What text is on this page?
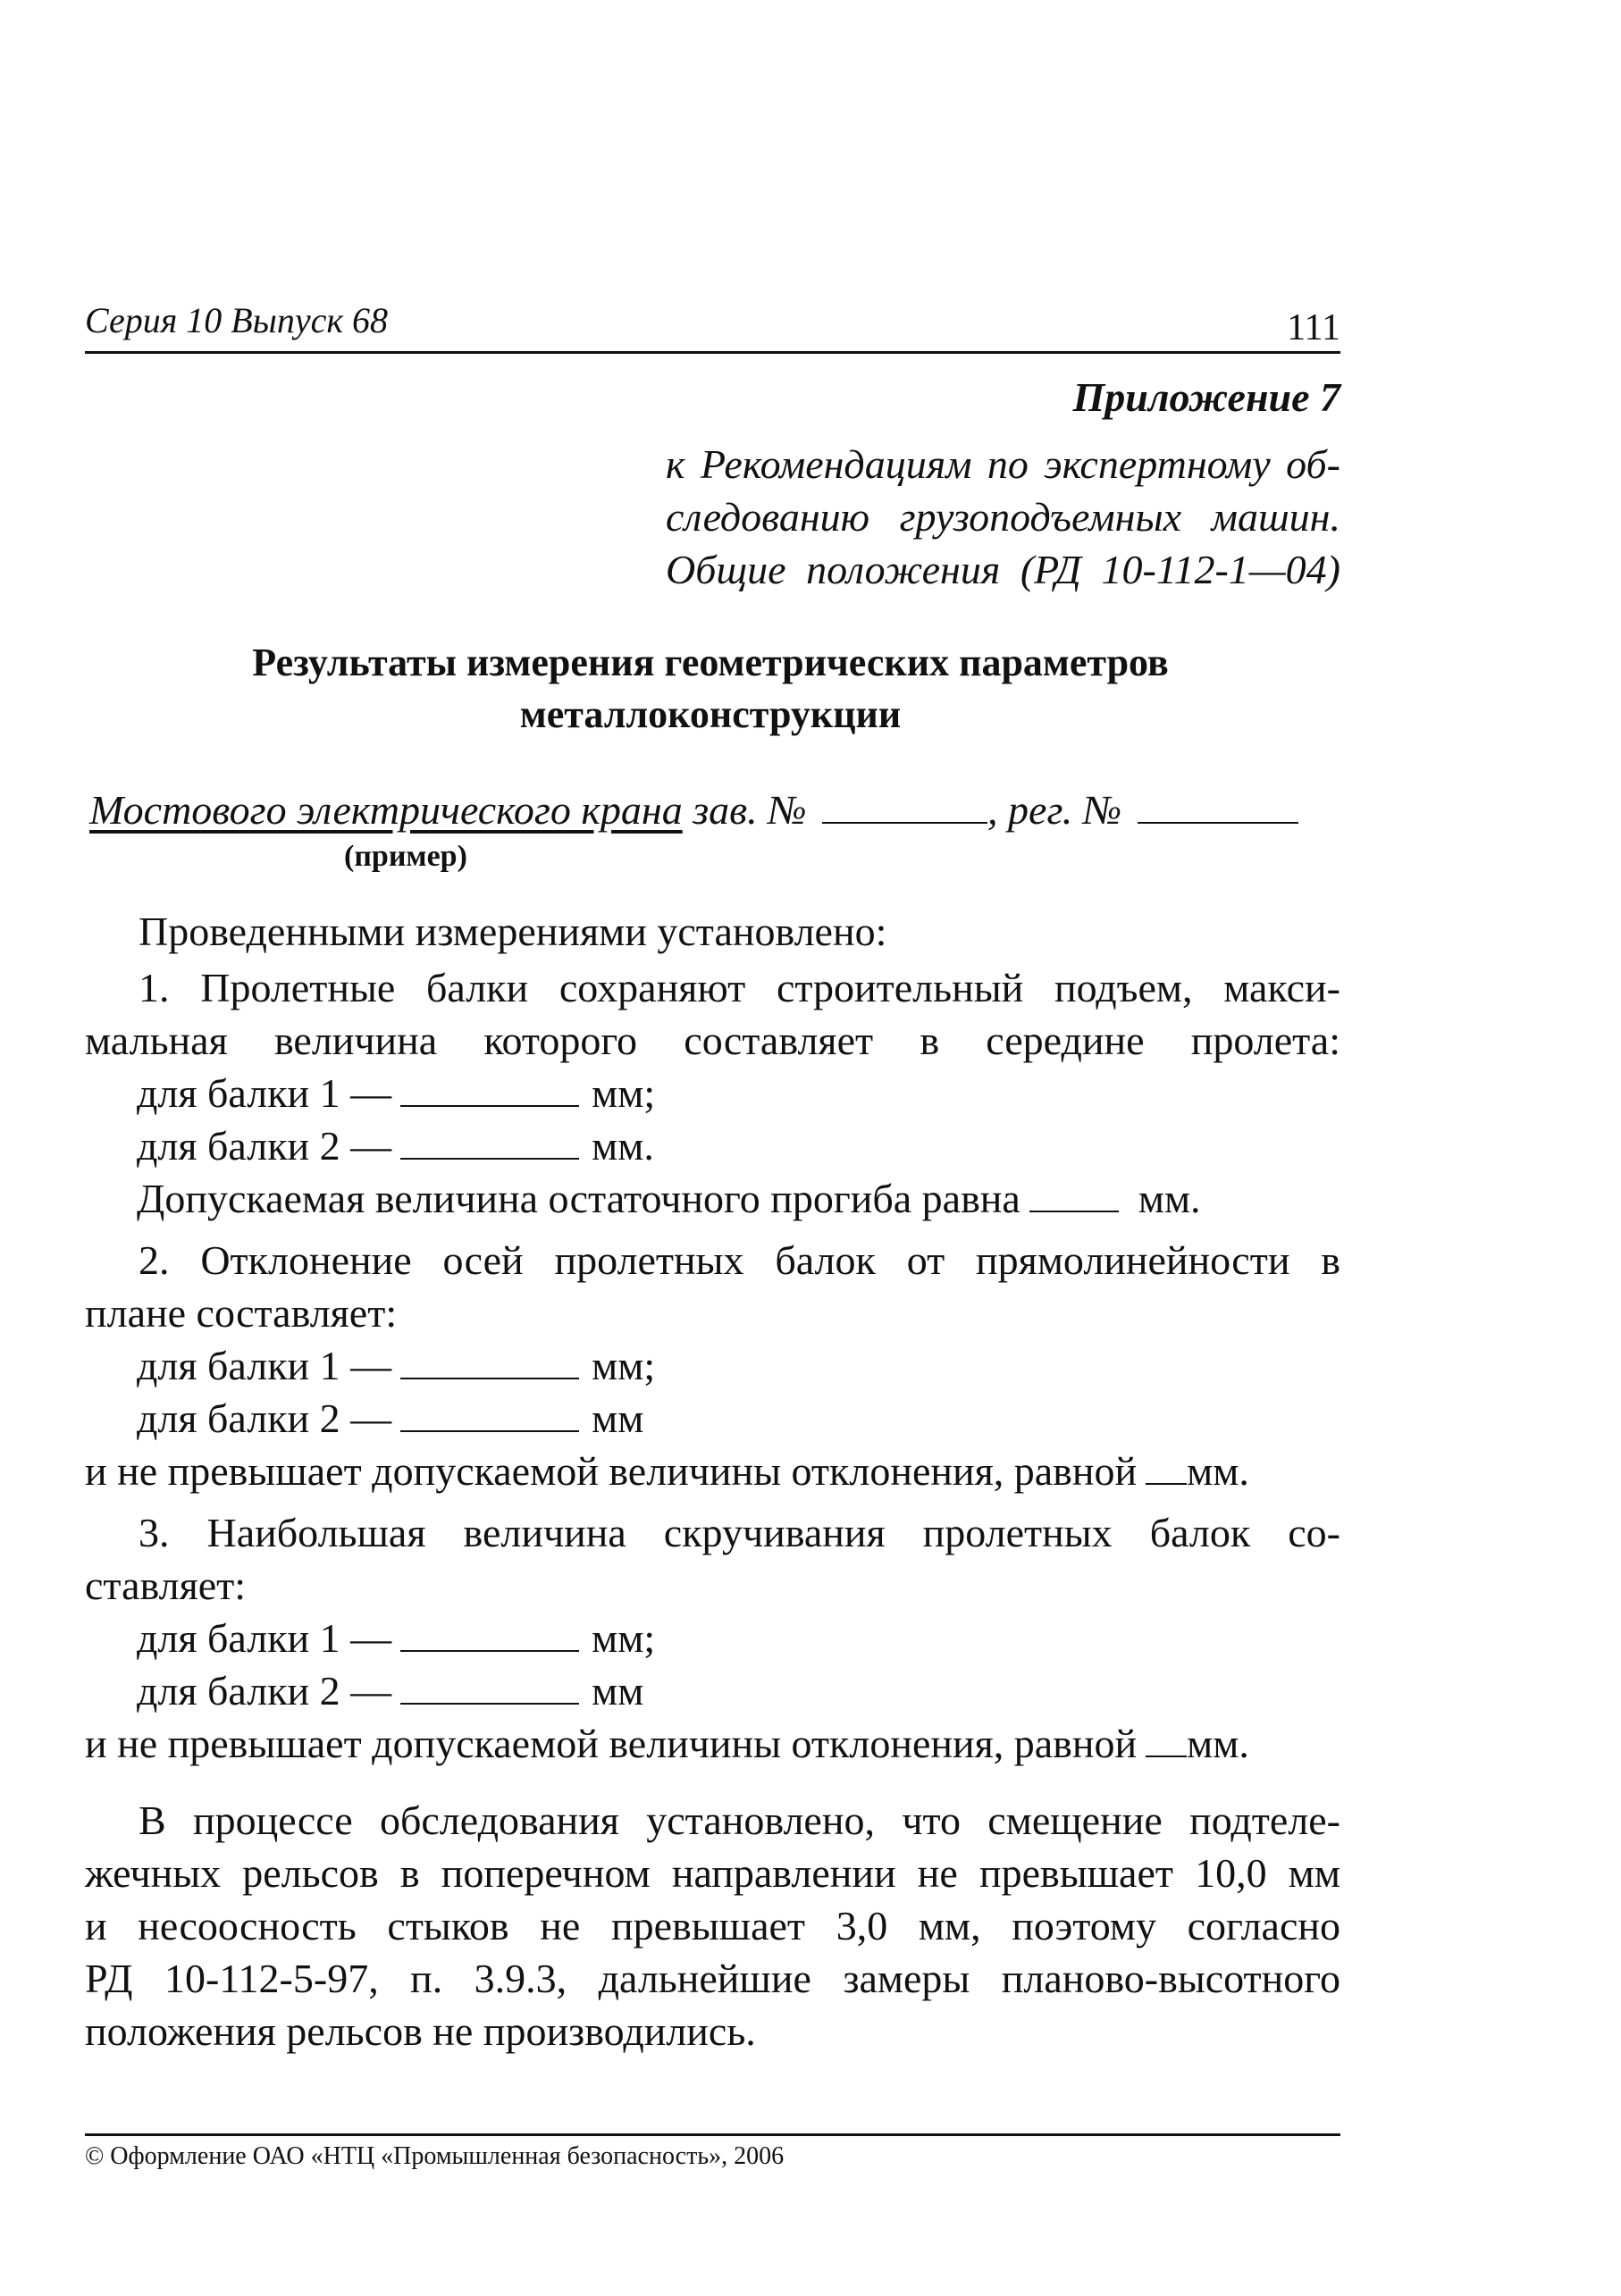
Серия 10 Выпуск 68	111
Приложение 7
к Рекомендациям по экспертному об-
следованию грузоподъемных машин.
Общие положения (РД 10-112-1—04)
Результаты измерения геометрических параметров
металлоконструкции
Мостового электрического крана зав. №	, рег. №
(пример)
Проведенными измерениями установлено:
1. Пролетные балки сохраняют строительный подъем, макси-
мальная величина которого составляет в середине пролета:
для балки 1 —	мм;
для балки 2 —	мм.
Допускаемая величина остаточного прогиба равна	мм.
2. Отклонение осей пролетных балок от прямолинейности в
плане составляет:
для балки 1 —	мм;
для балки 2 —	мм
и не превышает допускаемой величины отклонения, равной мм.
3. Наибольшая величина скручивания пролетных балок со-
ставляет:
для балки 1 —	мм;
для балки 2 —	мм
и не превышает допускаемой величины отклонения, равной мм.
В процессе обследования установлено, что смещение подтеле-
жечных рельсов в поперечном направлении не превышает 10,0 мм
и несоосность стыков не превышает 3,0 мм, поэтому согласно
РД 10-112-5-97, п. 3.9.3, дальнейшие замеры планово-высотного
положения рельсов не производились.
© Оформление ОАО «НТЦ «Промышленная безопасность», 2006
